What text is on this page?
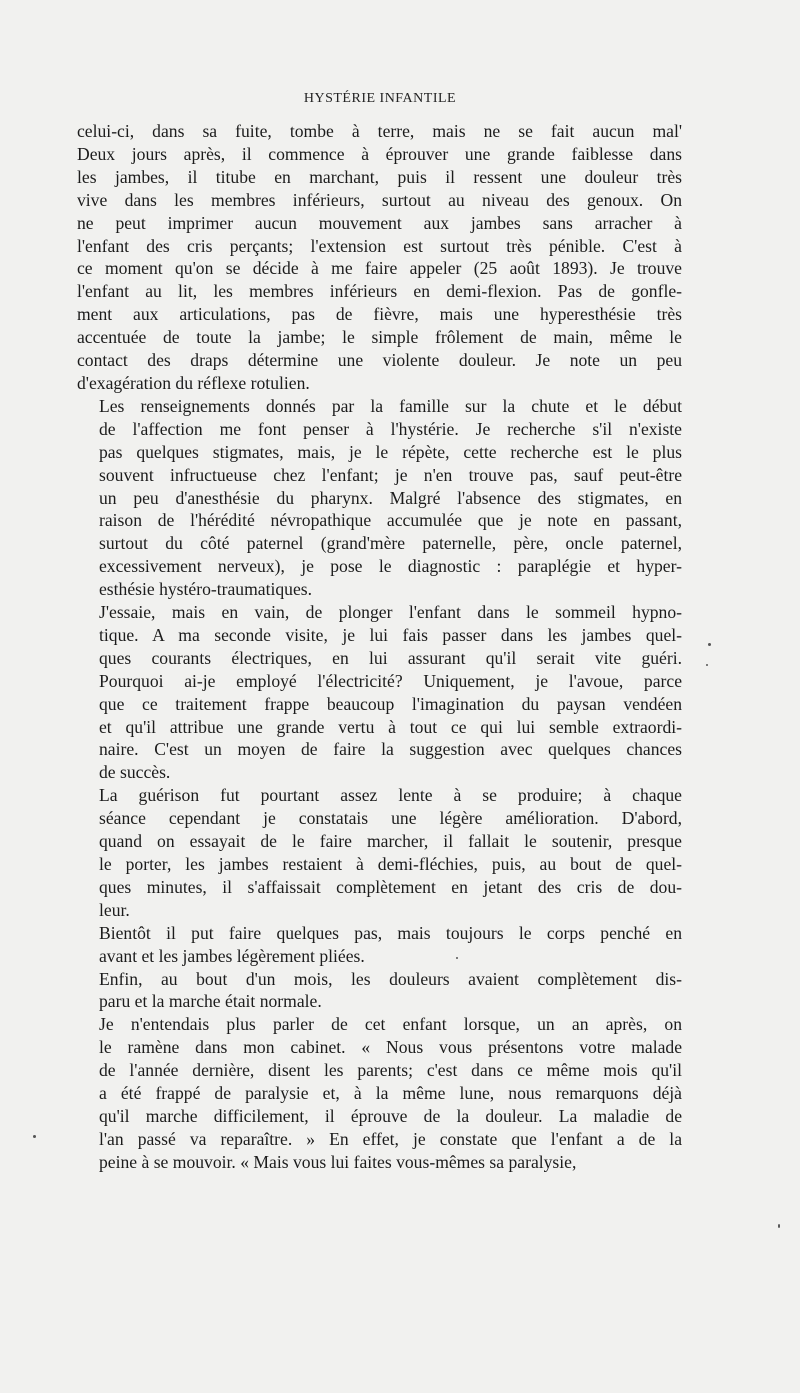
HYSTÉRIE INFANTILE

celui-ci, dans sa fuite, tombe à terre, mais ne se fait aucun mal'
Deux jours après, il commence à éprouver une grande faiblesse dans
les jambes, il titube en marchant, puis il ressent une douleur très
vive dans les membres inférieurs, surtout au niveau des genoux. On
ne peut imprimer aucun mouvement aux jambes sans arracher à
l'enfant des cris perçants; l'extension est surtout très pénible. C'est à
ce moment qu'on se décide à me faire appeler (25 août 1893). Je trouve
l'enfant au lit, les membres inférieurs en demi-flexion. Pas de gonfle-
ment aux articulations, pas de fièvre, mais une hyperesthésie très
accentuée de toute la jambe; le simple frôlement de main, même le
contact des draps détermine une violente douleur. Je note un peu
d'exagération du réflexe rotulien.

Les renseignements donnés par la famille sur la chute et le début
de l'affection me font penser à l'hystérie. Je recherche s'il n'existe
pas quelques stigmates, mais, je le répète, cette recherche est le plus
souvent infructueuse chez l'enfant; je n'en trouve pas, sauf peut-être
un peu d'anesthésie du pharynx. Malgré l'absence des stigmates, en
raison de l'hérédité névropathique accumulée que je note en passant,
surtout du côté paternel (grand'mère paternelle, père, oncle paternel,
excessivement nerveux), je pose le diagnostic : paraplégie et hyper-
esthésie hystéro-traumatiques.

J'essaie, mais en vain, de plonger l'enfant dans le sommeil hypno-
tique. A ma seconde visite, je lui fais passer dans les jambes quel-
ques courants électriques, en lui assurant qu'il serait vite guéri.
Pourquoi ai-je employé l'électricité? Uniquement, je l'avoue, parce
que ce traitement frappe beaucoup l'imagination du paysan vendéen
et qu'il attribue une grande vertu à tout ce qui lui semble extraordi-
naire. C'est un moyen de faire la suggestion avec quelques chances
de succès.

La guérison fut pourtant assez lente à se produire; à chaque
séance cependant je constatais une légère amélioration. D'abord,
quand on essayait de le faire marcher, il fallait le soutenir, presque
le porter, les jambes restaient à demi-fléchies, puis, au bout de quel-
ques minutes, il s'affaissait complètement en jetant des cris de dou-
leur.

Bientôt il put faire quelques pas, mais toujours le corps penché en
avant et les jambes légèrement pliées.

Enfin, au bout d'un mois, les douleurs avaient complètement dis-
paru et la marche était normale.

Je n'entendais plus parler de cet enfant lorsque, un an après, on
le ramène dans mon cabinet. « Nous vous présentons votre malade
de l'année dernière, disent les parents; c'est dans ce même mois qu'il
a été frappé de paralysie et, à la même lune, nous remarquons déjà
qu'il marche difficilement, il éprouve de la douleur. La maladie de
l'an passé va reparaître. » En effet, je constate que l'enfant a de la
peine à se mouvoir. « Mais vous lui faites vous-mêmes sa paralysie,
